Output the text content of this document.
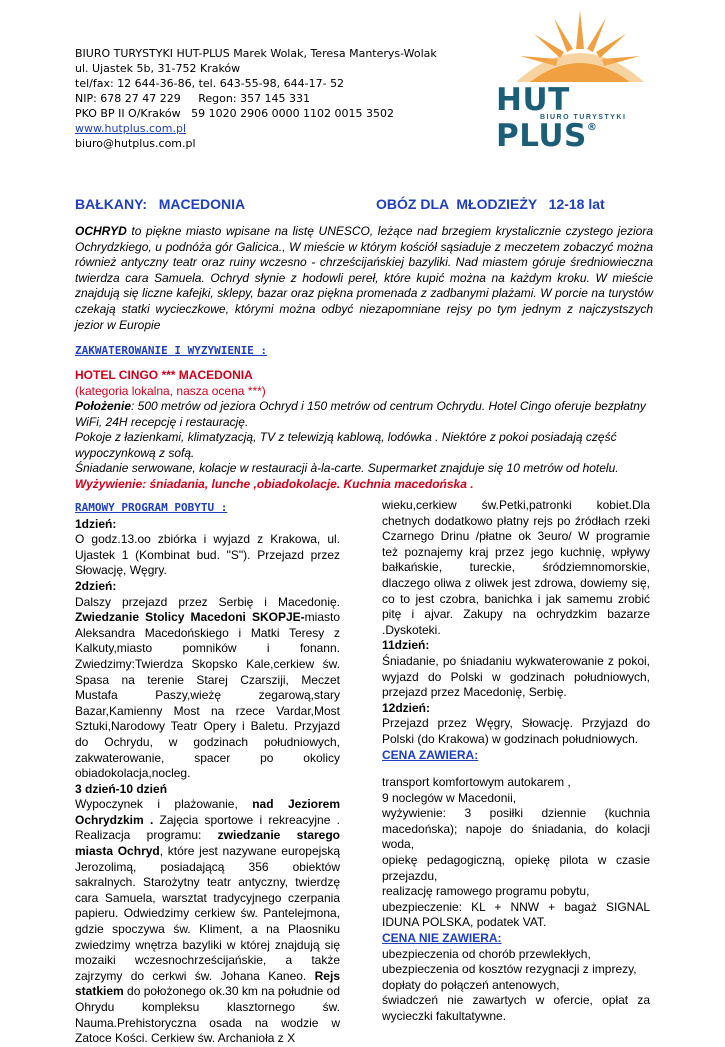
BIURO TURYSTYKI HUT-PLUS Marek Wolak, Teresa Manterys-Wolak
ul. Ujastek 5b, 31-752 Kraków
tel/fax: 12 644-36-86, tel. 643-55-98, 644-17- 52
NIP: 678 27 47 229     Regon: 357 145 331
PKO BP II O/Kraków   59 1020 2906 0000 1102 0015 3502
www.hutplus.com.pl
biuro@hutplus.com.pl
HUT PLUS®
BIURO TURYSTYKI
BAŁKANY:   MACEDONIA	OBÓZ DLA  MŁODZIEŻY   12-18 lat
OCHRYD to piękne miasto wpisane na listę UNESCO, leżące nad brzegiem krystalicznie czystego jeziora Ochrydzkiego, u podnóża gór Galicica., W mieście w którym kościół sąsiaduje z meczetem zobaczyć można również antyczny teatr oraz ruiny wczesno - chrześcijańskiej bazyliki. Nad miastem góruje średniowieczna twierdza cara Samuela. Ochryd słynie z hodowli pereł, które kupić można na każdym kroku. W mieście znajdują się liczne kafejki, sklepy, bazar oraz piękna promenada z zadbanymi plażami. W porcie na turystów czekają statki wycieczkowe, którymi można odbyć niezapomniane rejsy po tym jednym z najczystszych jezior w Europie
ZAKWATEROWANIE I WYZYWIENIE :
HOTEL CINGO *** MACEDONIA
(kategoria lokalna, nasza ocena ***)
Położenie: 500 metrów od jeziora Ochryd i 150 metrów od centrum Ochrydu. Hotel Cingo oferuje bezpłatny WiFi, 24H recepcję i restaurację.
Pokoje z łazienkami, klimatyzacją, TV z telewizją kablową, lodówka . Niektóre z pokoi posiadają część wypoczynkową z sofą.
Śniadanie serwowane, kolacje w restauracji à-la-carte. Supermarket znajduje się 10 metrów od hotelu.
Wyżywienie: śniadania, lunche ,obiadokolacje. Kuchnia macedońska .
RAMOWY PROGRAM POBYTU :

1dzień:

O godz.13.oo zbiórka i wyjazd z Krakowa, ul. Ujastek 1 (Kombinat bud. "S"). Przejazd przez Słowację, Węgry.

2dzień:

Dalszy przejazd przez Serbię i Macedonię. Zwiedzanie Stolicy Macedoni SKOPJE-miasto Aleksandra Macedońskiego i Matki Teresy z Kalkuty,miasto pomników i fonann. Zwiedzimy:Twierdza Skopsko Kale,cerkiew św. Spasa na terenie Starej Czarsziji, Meczet Mustafa Paszy,wieżę zegarową,stary Bazar,Kamienny Most na rzece Vardar,Most Sztuki,Narodowy Teatr Opery i Baletu. Przyjazd do Ochrydu, w godzinach południowych, zakwaterowanie, spacer po okolicy obiadokolacja,nocleg.

3 dzień-10 dzień

Wypoczynek i plażowanie, nad Jeziorem Ochrydzkim . Zajęcia sportowe i rekreacyjne . Realizacja programu: zwiedzanie starego miasta Ochryd, które jest nazywane europejską Jerozolimą, posiadającą 356 obiektów sakralnych. Starożytny teatr antyczny, twierdzę cara Samuela, warsztat tradycyjnego czerpania papieru. Odwiedzimy cerkiew św. Pantelejmona, gdzie spoczywa św. Kliment, a na Plaosniku zwiedzimy wnętrza bazyliki w której znajdują się mozaiki wczesnochrześcijańskie, a także zajrzymy do cerkwi św. Johana Kaneo. Rejs statkiem do położonego ok.30 km na południe od Ohrydu kompleksu klasztornego św. Nauma.Prehistoryczna osada na wodzie w Zatoce Kości. Cerkiew św. Archanioła z X

wieku,cerkiew św.Petki,patronki kobiet.Dla chetnych dodatkowo płatny rejs po źródłach rzeki Czarnego Drinu /płatne ok 3euro/ W programie też poznajemy kraj przez jego kuchnię, wpływy bałkańskie, tureckie, śródziemnomorskie, dlaczego oliwa z oliwek jest zdrowa, dowiemy się, co to jest czobra, banichka i jak samemu zrobić pitę i ajvar. Zakupy na ochrydzkim bazarze .Dyskoteki.

11dzień:

Śniadanie, po śniadaniu wykwaterowanie z pokoi, wyjazd do Polski w godzinach południowych, przejazd przez Macedonię, Serbię.

12dzień:

Przejazd przez Węgry, Słowację. Przyjazd do Polski (do Krakowa) w godzinach południowych.

CENA ZAWIERA:

transport komfortowym autokarem ,

9 noclegów w Macedonii,

wyżywienie: 3 posiłki dziennie (kuchnia macedońska); napoje do śniadania, do kolacji woda,

opiekę pedagogiczną, opiekę pilota w czasie przejazdu,

realizację ramowego programu pobytu,

ubezpieczenie: KL + NNW + bagaż SIGNAL IDUNA POLSKA, podatek VAT.

CENA NIE ZAWIERA:

ubezpieczenia od chorób przewlekłych,

ubezpieczenia od kosztów rezygnacji z imprezy,

dopłaty do połączeń antenowych,

świadczeń nie zawartych w ofercie, opłat za wycieczki fakultatywne.
